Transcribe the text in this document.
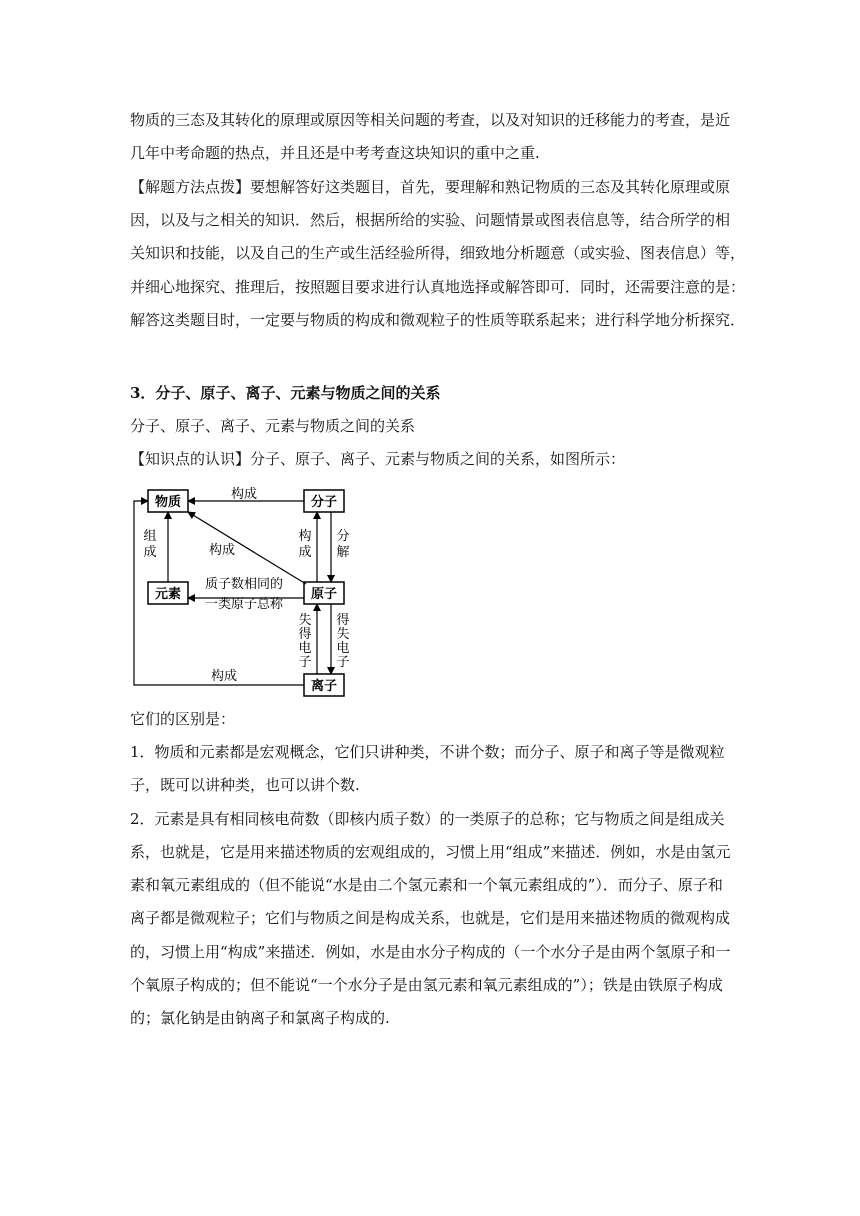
物质的三态及其转化的原理或原因等相关问题的考查，以及对知识的迁移能力的考查，是近
几年中考命题的热点，并且还是中考考查这块知识的重中之重.
【解题方法点拨】要想解答好这类题目，首先，要理解和熟记物质的三态及其转化原理或原
因，以及与之相关的知识．然后，根据所给的实验、问题情景或图表信息等，结合所学的相
关知识和技能，以及自己的生产或生活经验所得，细致地分析题意（或实验、图表信息）等，
并细心地探究、推理后，按照题目要求进行认真地选择或解答即可．同时，还需要注意的是：
解答这类题目时，一定要与物质的构成和微观粒子的性质等联系起来；进行科学地分析探究．
3．分子、原子、离子、元素与物质之间的关系
分子、原子、离子、元素与物质之间的关系
【知识点的认识】分子、原子、离子、元素与物质之间的关系，如图所示：
物质	分子
元素	原子
离子
构成
组
成	构成
构
成
分
解
质子数相同的
一类原子总称
失
得
电
子
得
失
电
子
构成
它们的区别是：
1．物质和元素都是宏观概念，它们只讲种类，不讲个数；而分子、原子和离子等是微观粒
子，既可以讲种类，也可以讲个数.
2．元素是具有相同核电荷数（即核内质子数）的一类原子的总称；它与物质之间是组成关
系，也就是，它是用来描述物质的宏观组成的，习惯上用“组成”来描述．例如，水是由氢元
素和氧元素组成的（但不能说“水是由二个氢元素和一个氧元素组成的”）．而分子、原子和
离子都是微观粒子；它们与物质之间是构成关系，也就是，它们是用来描述物质的微观构成
的，习惯上用“构成”来描述．例如，水是由水分子构成的（一个水分子是由两个氢原子和一
个氧原子构成的；但不能说“一个水分子是由氢元素和氧元素组成的”）；铁是由铁原子构成
的；氯化钠是由钠离子和氯离子构成的.
